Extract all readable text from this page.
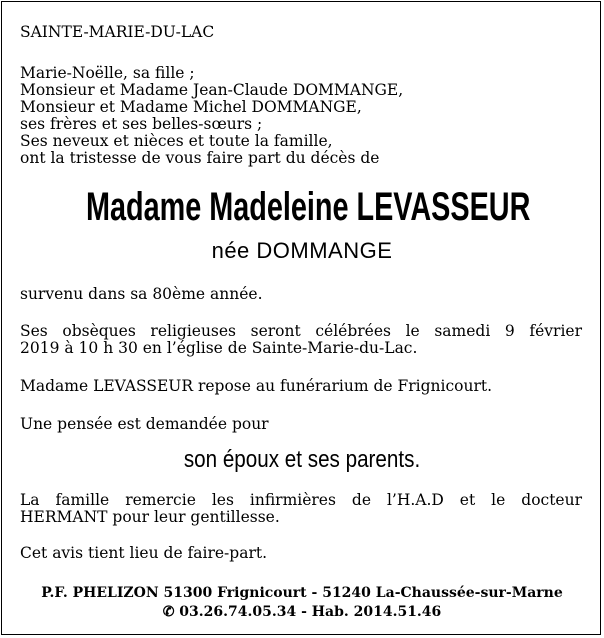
SAINTE-MARIE-DU-LAC

Marie-Noëlle, sa fille ;

Monsieur et Madame Jean-Claude DOMMANGE,

Monsieur et Madame Michel DOMMANGE,

ses frères et ses belles-sœurs ;

Ses neveux et nièces et toute la famille,

ont la tristesse de vous faire part du décès de

Madame Madeleine LEVASSEUR

née DOMMANGE

survenu dans sa 80ème année.

Ses obsèques religieuses seront célébrées le samedi 9 février

2019 à 10 h 30 en l’église de Sainte-Marie-du-Lac.

Madame LEVASSEUR repose au funérarium de Frignicourt.

Une pensée est demandée pour

son époux et ses parents.

La famille remercie les infirmières de l’H.A.D et le docteur

HERMANT pour leur gentillesse.

Cet avis tient lieu de faire-part.

P.F. PHELIZON 51300 Frignicourt - 51240 La-Chaussée-sur-Marne

✆ 03.26.74.05.34 - Hab. 2014.51.46
